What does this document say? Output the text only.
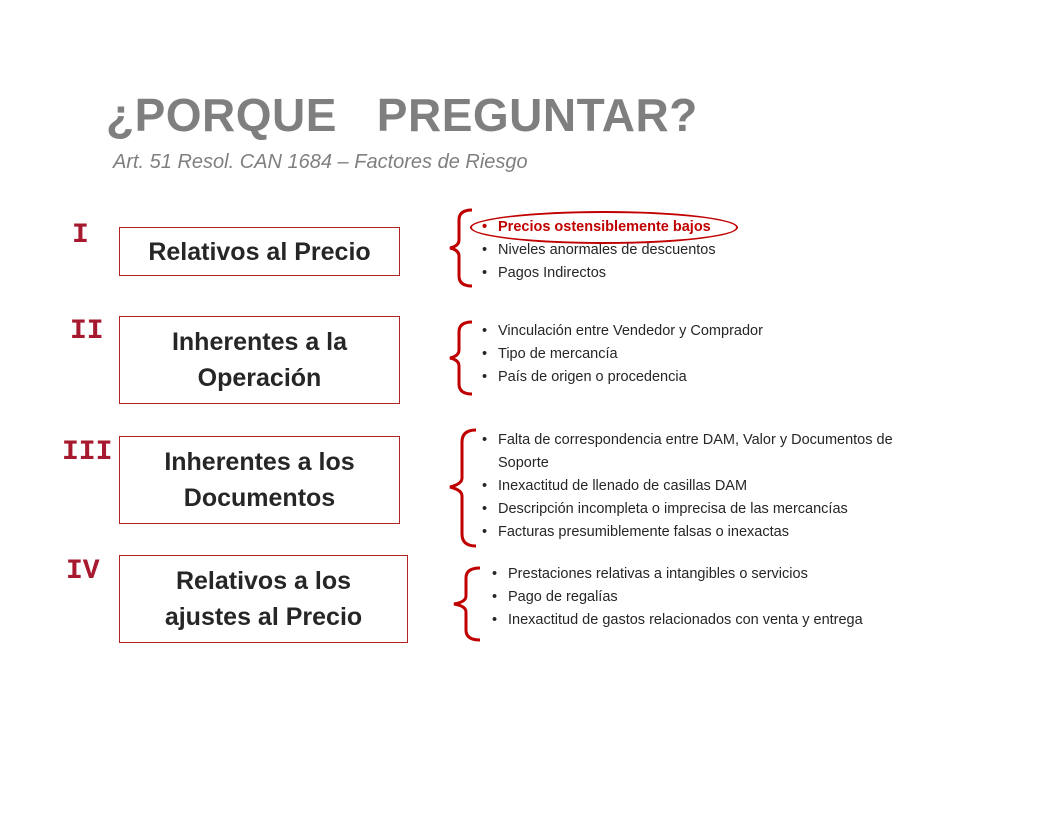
¿PORQUE   PREGUNTAR?
Art. 51 Resol. CAN 1684 – Factores de Riesgo
I
Relativos al Precio
• Precios ostensiblemente bajos
• Niveles anormales de descuentos
• Pagos Indirectos
II	Inherentes a la Operación
• Vinculación entre Vendedor y Comprador
• Tipo de mercancía
• País de origen o procedencia
III	Inherentes a los Documentos
• Falta de correspondencia entre DAM, Valor y Documentos de Soporte
• Inexactitud de llenado de casillas DAM
• Descripción incompleta o imprecisa de las mercancías
• Facturas presumiblemente falsas o inexactas
IV	Relativos a los ajustes al Precio
• Prestaciones relativas a intangibles o servicios
• Pago de regalías
• Inexactitud de gastos relacionados con venta y entrega
